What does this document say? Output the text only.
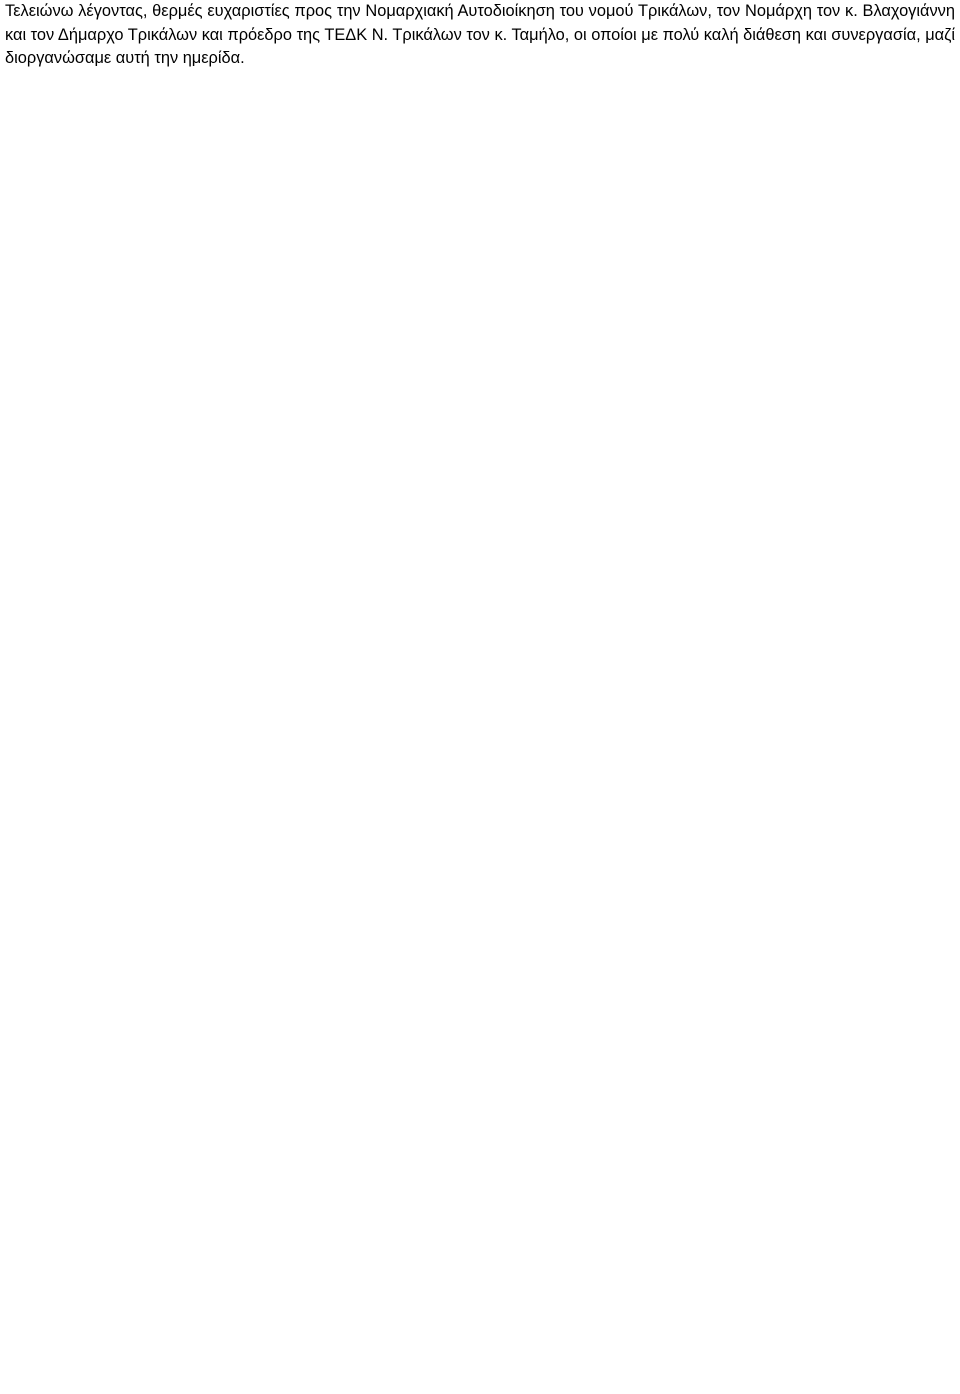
Τελειώνω λέγοντας, θερμές ευχαριστίες προς την Νομαρχιακή Αυτοδιοίκηση του νομού Τρικάλων, τον Νομάρχη τον κ. Βλαχογιάννη και τον Δήμαρχο Τρικάλων και πρόεδρο της ΤΕΔΚ Ν. Τρικάλων τον κ. Ταμήλο, οι οποίοι με πολύ καλή διάθεση και συνεργασία, μαζί διοργανώσαμε αυτή την ημερίδα.
